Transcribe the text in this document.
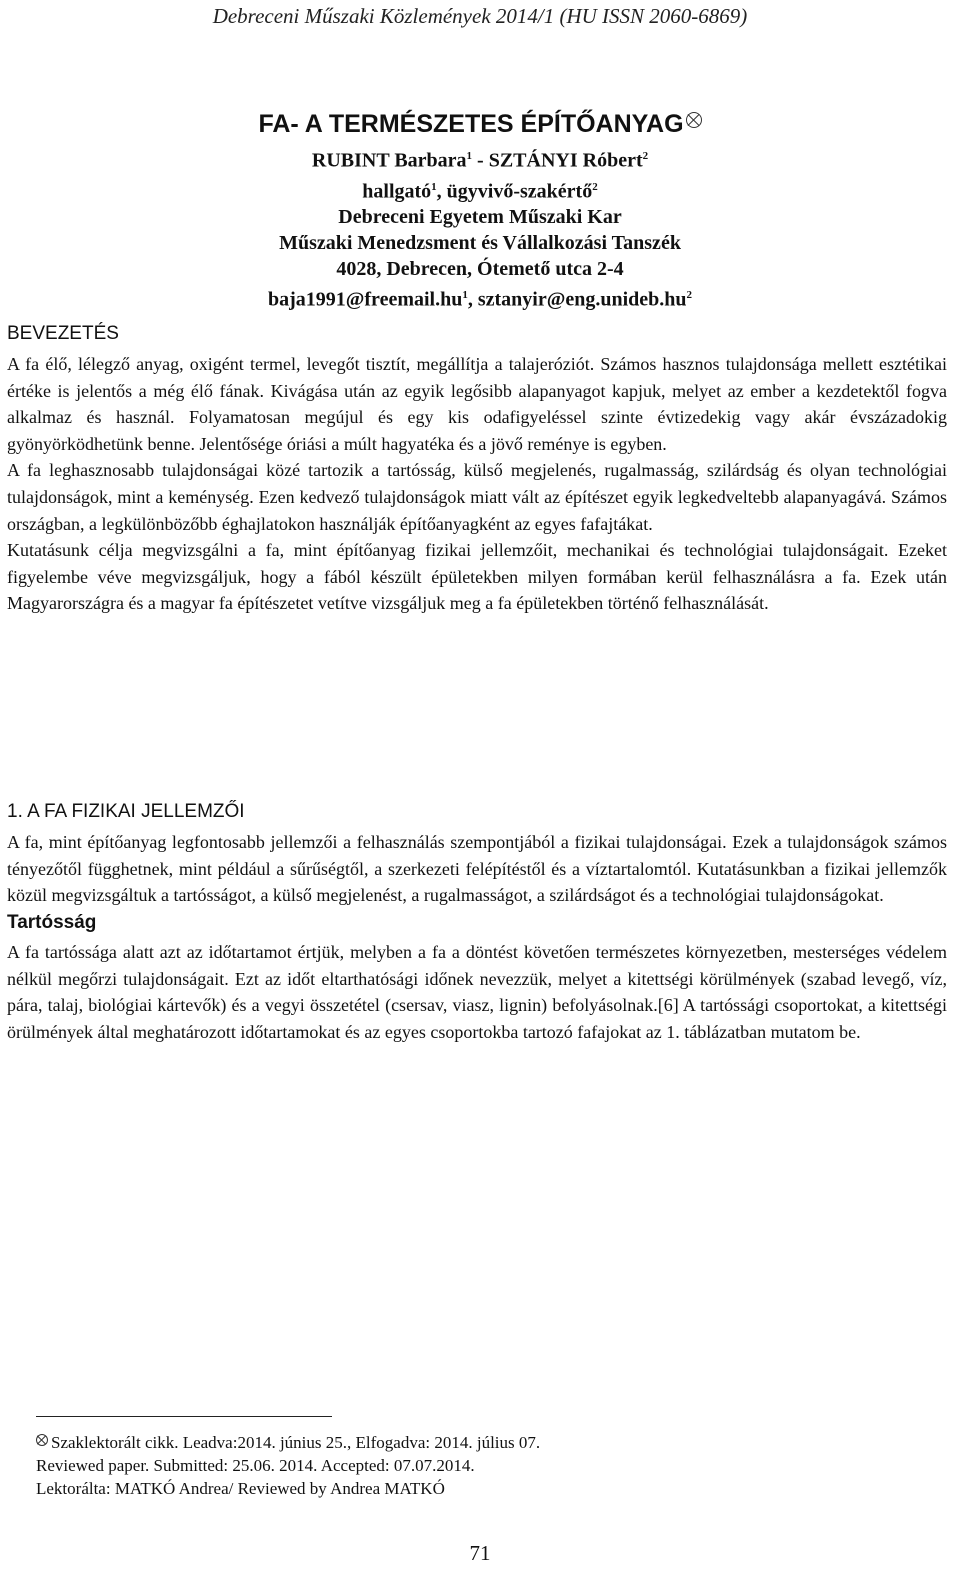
Debreceni Műszaki Közlemények 2014/1 (HU ISSN 2060-6869)
FA- A TERMÉSZETES ÉPÍTŐANYAG
RUBINT Barbara$^1$ - SZTÁNYI Róbert$^2$
hallgató$^1$, ügyvivő-szakértő$^2$
Debreceni Egyetem Műszaki Kar
Műszaki Menedzsment és Vállalkozási Tanszék
4028, Debrecen, Ótemető utca 2-4
$baja1991@freemail.hu^1$, $sztanyir@eng.unideb.hu^2$
BEVEZETÉS

A fa élő, lélegző anyag, oxigént termel, levegőt tisztít, megállítja a talajeróziót. Számos hasznos tulajdonsága mellett esztétikai értéke is jelentős a még élő fának. Kivágása után az egyik legősibb alapanyagot kapjuk, melyet az ember a kezdetektől fogva alkalmaz és használ. Folyamatosan megújul és egy kis odafigyeléssel szinte évtizedekig vagy akár évszázadokig gyönyörködhetünk benne. Jelentősége óriási a múlt hagyatéka és a jövő reménye is egyben.

A fa leghasznosabb tulajdonságai közé tartozik a tartósság, külső megjelenés, rugalmasság, szilárdság és olyan technológiai tulajdonságok, mint a keménység. Ezen kedvező tulajdonságok miatt vált az építészet egyik legkedveltebb alapanyagává. Számos országban, a legkülönbözőbb éghajlatokon használják építőanyagként az egyes fafajtákat.

Kutatásunk célja megvizsgálni a fa, mint építőanyag fizikai jellemzőit, mechanikai és technológiai tulajdonságait. Ezeket figyelembe véve megvizsgáljuk, hogy a fából készült épületekben milyen formában kerül felhasználásra a fa. Ezek után Magyarországra és a magyar fa építészetet vetítve vizsgáljuk meg a fa épületekben történő felhasználását.

1. A FA FIZIKAI JELLEMZŐI

A fa, mint építőanyag legfontosabb jellemzői a felhasználás szempontjából a fizikai tulajdonságai. Ezek a tulajdonságok számos tényezőtől függhetnek, mint például a sűrűségtől, a szerkezeti felépítéstől és a víztartalomtól. Kutatásunkban a fizikai jellemzők közül megvizsgáltuk a tartósságot, a külső megjelenést, a rugalmasságot, a szilárdságot és a technológiai tulajdonságokat.

Tartósság

A fa tartóssága alatt azt az időtartamot értjük, melyben a fa a döntést követően természetes környezetben, mesterséges védelem nélkül megőrzi tulajdonságait. Ezt az időt eltarthatósági időnek nevezzük, melyet a kitettségi körülmények (szabad levegő, víz, pára, talaj, biológiai kártevők) és a vegyi összetétel (csersav, viasz, lignin) befolyásolnak.[6] A tartóssági csoportokat, a kitettségi örülmények által meghatározott időtartamokat és az egyes csoportokba tartozó fafajokat az 1. táblázatban mutatom be.

Szaklektorált cikk. Leadva:2014. június 25., Elfogadva: 2014. július 07.
Reviewed paper. Submitted: 25.06. 2014. Accepted: 07.07.2014.
Lektorálta: MATKÓ Andrea/ Reviewed by Andrea MATKÓ
71
